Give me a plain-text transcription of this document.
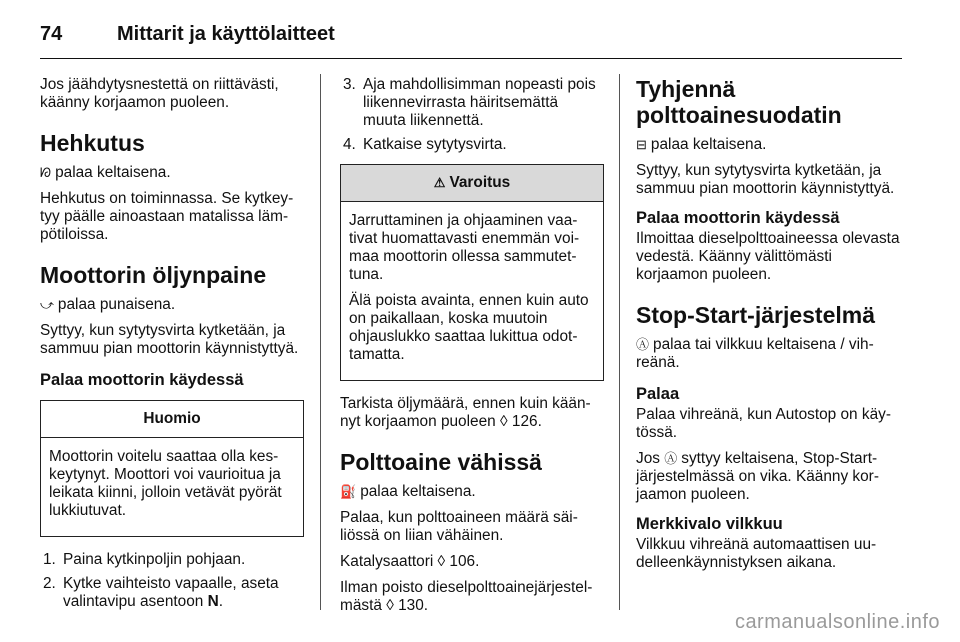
74	Mittarit ja käyttölaitteet

Jos jäähdytysnestettä on riittävästi, käänny korjaamon puoleen.

Hehkutus

ᘗ palaa keltaisena.

Hehkutus on toiminnassa. Se kytkeytyy päälle ainoastaan matalissa lämpötiloissa.

Moottorin öljynpaine

⤻ palaa punaisena.

Syttyy, kun sytytysvirta kytketään, ja sammuu pian moottorin käynnistyttyä.

Palaa moottorin käydessä
Huomio

Moottorin voitelu saattaa olla keskeytynyt. Moottori voi vaurioitua ja leikata kiinni, jolloin vetävät pyörät lukkiutuvat.

1. Paina kytkinpoljin pohjaan.
2. Kytke vaihteisto vapaalle, aseta valintavipu asentoon N.
3. Aja mahdollisimman nopeasti pois liikennevirrasta häiritsemättä muuta liikennettä.
4. Katkaise sytytysvirta.
⚠ Varoitus

Jarruttaminen ja ohjaaminen vaativat huomattavasti enemmän voimaa moottorin ollessa sammutettuna.

Älä poista avainta, ennen kuin auto on paikallaan, koska muutoin ohjauslukko saattaa lukittua odottamatta.

Tarkista öljymäärä, ennen kuin käännyt korjaamon puoleen ◊ 126.

Polttoaine vähissä

⛽ palaa keltaisena.

Palaa, kun polttoaineen määrä säiliössä on liian vähäinen.

Katalysaattori ◊ 106.

Ilman poisto dieselpolttoainejärjestelmästä ◊ 130.

Tyhjennä polttoainesuodatin

⊟ palaa keltaisena.

Syttyy, kun sytytysvirta kytketään, ja sammuu pian moottorin käynnistyttyä.

Palaa moottorin käydessä

Ilmoittaa dieselpolttoaineessa olevasta vedestä. Käänny välittömästi korjaamon puoleen.

Stop-Start-järjestelmä

Ⓐ palaa tai vilkkuu keltaisena / vihreänä.

Palaa

Palaa vihreänä, kun Autostop on käytössä.

Jos Ⓐ syttyy keltaisena, Stop-Start-järjestelmässä on vika. Käänny korjaamon puoleen.

Merkkivalo vilkkuu

Vilkkuu vihreänä automaattisen uudelleenkäynnistyksen aikana.

carmanualsonline.info
